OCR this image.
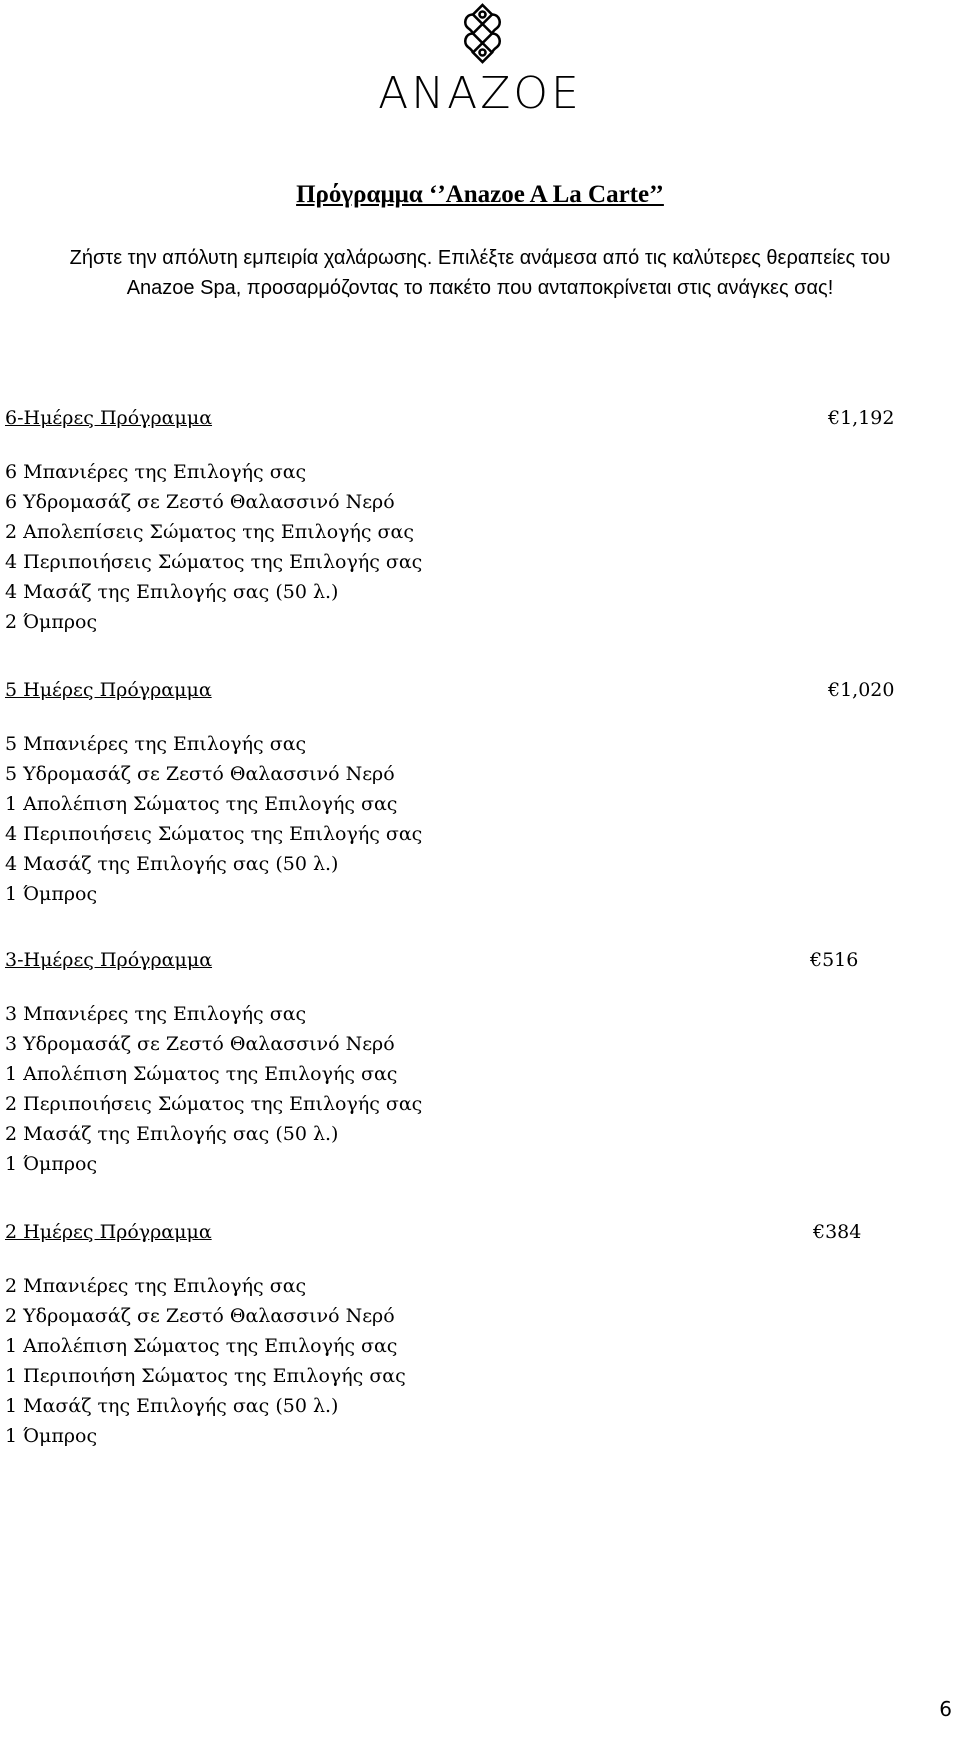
ANAZOE
Πρόγραμμα ‘’Anazoe A La Carte’’
Ζήστε την απόλυτη εμπειρία χαλάρωσης. Επιλέξτε ανάμεσα από τις καλύτερες θεραπείες του
Anazoe Spa, προσαρμόζοντας το πακέτο που ανταποκρίνεται στις ανάγκες σας!
6-Ημέρες Πρόγραμμα	€1,192
6 Μπανιέρες της Επιλογής σας
6 Υδρομασάζ σε Ζεστό Θαλασσινό Νερό
2 Απολεπίσεις Σώματος της Επιλογής σας
4 Περιποιήσεις Σώματος της Επιλογής σας
4 Μασάζ της Επιλογής σας (50 λ.)
2 Όμπρος
5 Ημέρες Πρόγραμμα	€1,020
5 Μπανιέρες της Επιλογής σας
5 Υδρομασάζ σε Ζεστό Θαλασσινό Νερό
1 Απολέπιση Σώματος της Επιλογής σας
4 Περιποιήσεις Σώματος της Επιλογής σας
4 Μασάζ της Επιλογής σας (50 λ.)
1 Όμπρος
3-Ημέρες Πρόγραμμα	€516
3 Μπανιέρες της Επιλογής σας
3 Υδρομασάζ σε Ζεστό Θαλασσινό Νερό
1 Απολέπιση Σώματος της Επιλογής σας
2 Περιποιήσεις Σώματος της Επιλογής σας
2 Μασάζ της Επιλογής σας (50 λ.)
1 Όμπρος
2 Ημέρες Πρόγραμμα	€384
2 Μπανιέρες της Επιλογής σας
2 Υδρομασάζ σε Ζεστό Θαλασσινό Νερό
1 Απολέπιση Σώματος της Επιλογής σας
1 Περιποιήση Σώματος της Επιλογής σας
1 Μασάζ της Επιλογής σας (50 λ.)
1 Όμπρος
6
